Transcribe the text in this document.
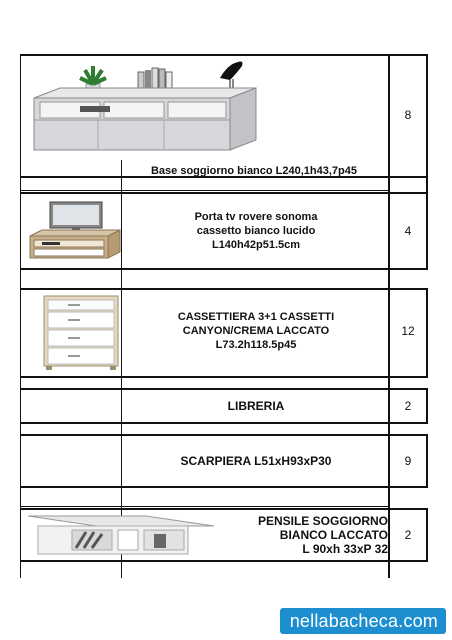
Base soggiorno bianco L240,1h43,7p45
8
Porta tv rovere sonoma
cassetto bianco lucido
L140h42p51.5cm
4
CASSETTIERA 3+1 CASSETTI
CANYON/CREMA LACCATO
L73.2h118.5p45
12
LIBRERIA	2
SCARPIERA L51xH93xP30	9
PENSILE SOGGIORNO
BIANCO LACCATO
L 90xh 33xP 32
2
nellabacheca.com
